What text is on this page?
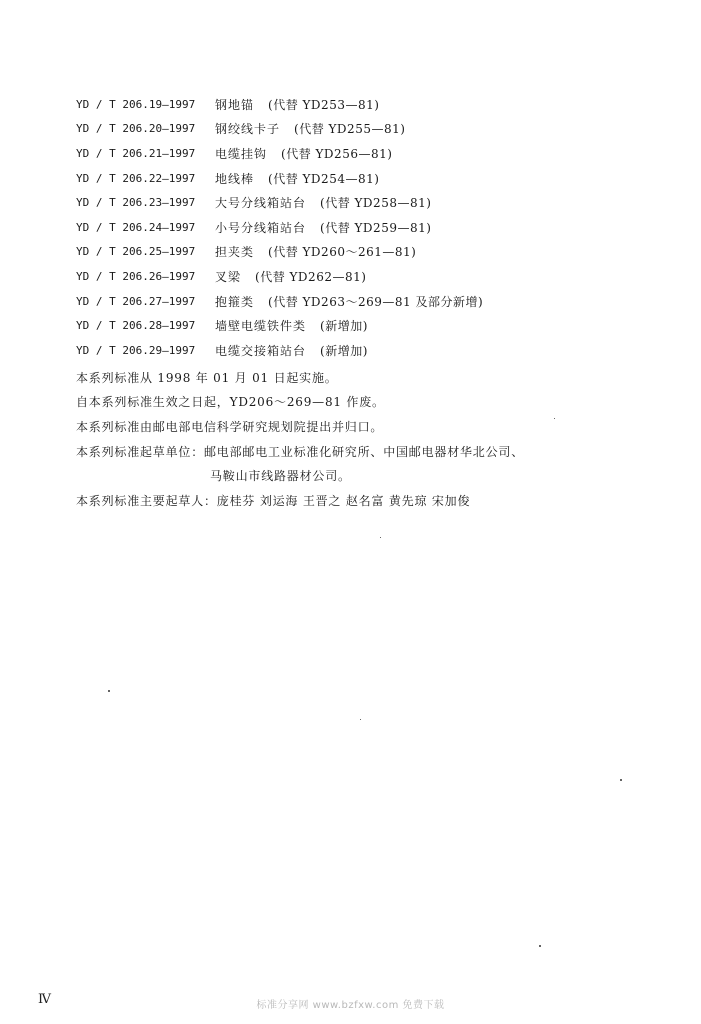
YD / T 206.19—1997	钢地锚 (代替 YD253—81)
YD / T 206.20—1997	钢绞线卡子 (代替 YD255—81)
YD / T 206.21—1997	电缆挂钩 (代替 YD256—81)
YD / T 206.22—1997	地线棒 (代替 YD254—81)
YD / T 206.23—1997	大号分线箱站台 (代替 YD258—81)
YD / T 206.24—1997	小号分线箱站台 (代替 YD259—81)
YD / T 206.25—1997	担夹类 (代替 YD260～261—81)
YD / T 206.26—1997	叉梁 (代替 YD262—81)
YD / T 206.27—1997	抱箍类 (代替 YD263～269—81 及部分新增)
YD / T 206.28—1997	墙壁电缆铁件类 (新增加)
YD / T 206.29—1997	电缆交接箱站台 (新增加)
本系列标准从 1998 年 01 月 01 日起实施。
自本系列标准生效之日起，YD206～269—81 作废。
本系列标准由邮电部电信科学研究规划院提出并归口。
本系列标准起草单位：邮电部邮电工业标准化研究所、中国邮电器材华北公司、
马鞍山市线路器材公司。
本系列标准主要起草人：庞桂芬 刘运海 王晋之 赵名富 黄先琼 宋加俊
Ⅳ	标准分享网 www.bzfxw.com 免费下载
